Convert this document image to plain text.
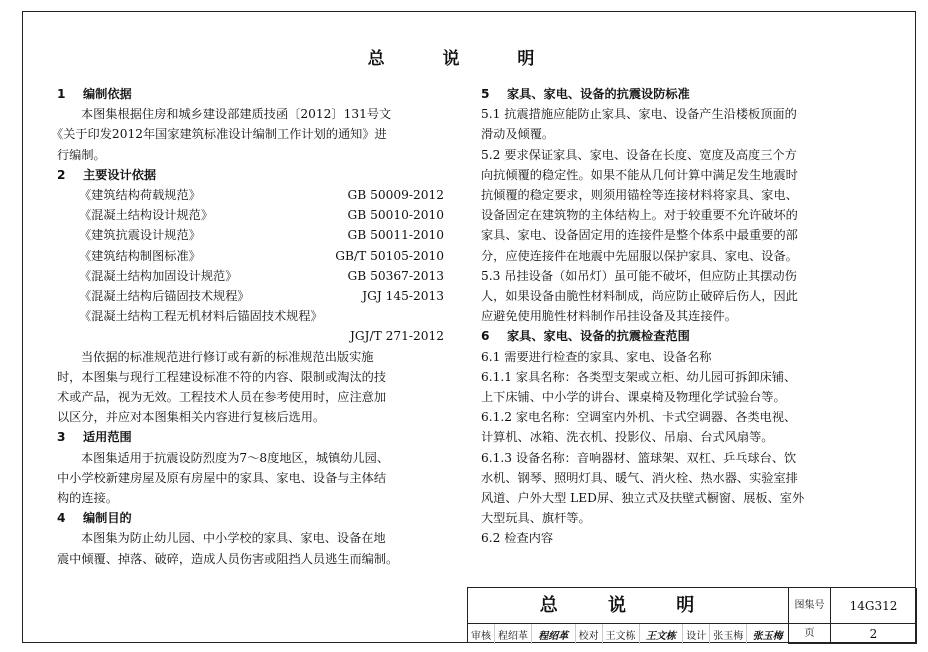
总 说 明
1 编制依据
本图集根据住房和城乡建设部建质技函〔2012〕131号文
《关于印发2012年国家建筑标准设计编制工作计划的通知》进
行编制。
2 主要设计依据
《建筑结构荷载规范》	GB 50009-2012
《混凝土结构设计规范》	GB 50010-2010
《建筑抗震设计规范》	GB 50011-2010
《建筑结构制图标准》	GB/T 50105-2010
《混凝土结构加固设计规范》	GB 50367-2013
《混凝土结构后锚固技术规程》	JGJ 145-2013
《混凝土结构工程无机材料后锚固技术规程》
JGJ/T 271-2012
当依据的标准规范进行修订或有新的标准规范出版实施
时，本图集与现行工程建设标准不符的内容、限制或淘汰的技
术或产品，视为无效。工程技术人员在参考使用时，应注意加
以区分，并应对本图集相关内容进行复核后选用。
3 适用范围
本图集适用于抗震设防烈度为7～8度地区，城镇幼儿园、
中小学校新建房屋及原有房屋中的家具、家电、设备与主体结
构的连接。
4 编制目的
本图集为防止幼儿园、中小学校的家具、家电、设备在地
震中倾覆、掉落、破碎，造成人员伤害或阻挡人员逃生而编制。
5 家具、家电、设备的抗震设防标准
5.1 抗震措施应能防止家具、家电、设备产生沿楼板顶面的
滑动及倾覆。
5.2 要求保证家具、家电、设备在长度、宽度及高度三个方
向抗倾覆的稳定性。如果不能从几何计算中满足发生地震时
抗倾覆的稳定要求，则须用锚栓等连接材料将家具、家电、
设备固定在建筑物的主体结构上。对于较重要不允许破坏的
家具、家电、设备固定用的连接件是整个体系中最重要的部
分，应使连接件在地震中先屈服以保护家具、家电、设备。
5.3 吊挂设备（如吊灯）虽可能不破坏，但应防止其摆动伤
人，如果设备由脆性材料制成，尚应防止破碎后伤人，因此
应避免使用脆性材料制作吊挂设备及其连接件。
6 家具、家电、设备的抗震检查范围
6.1 需要进行检查的家具、家电、设备名称
6.1.1 家具名称：各类型支架或立柜、幼儿园可拆卸床铺、
上下床铺、中小学的讲台、课桌椅及物理化学试验台等。
6.1.2 家电名称：空调室内外机、卡式空调器、各类电视、
计算机、冰箱、洗衣机、投影仪、吊扇、台式风扇等。
6.1.3 设备名称：音响器材、篮球架、双杠、乒乓球台、饮
水机、钢琴、照明灯具、暖气、消火栓、热水器、实验室排
风道、户外大型 LED屏、独立式及扶壁式橱窗、展板、室外
大型玩具、旗杆等。
6.2 检查内容
总 说 明	图集号	14G312
页	2
审核 程绍革	程绍革	校对 王文栋	王文栋	设计 张玉梅 张玉梅
